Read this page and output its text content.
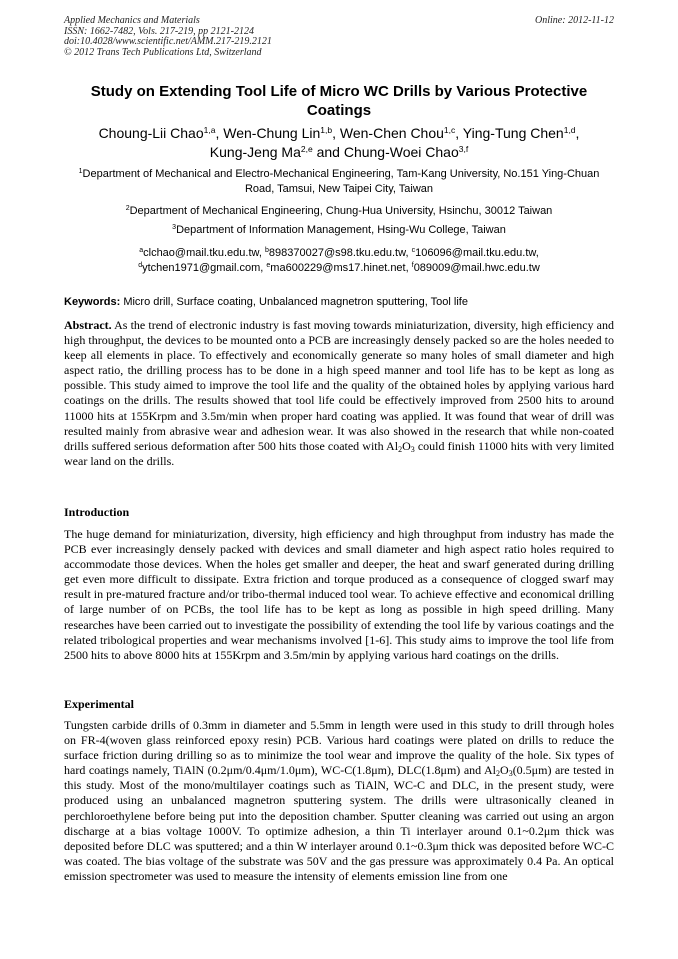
Applied Mechanics and Materials
ISSN: 1662-7482, Vols. 217-219, pp 2121-2124
doi:10.4028/www.scientific.net/AMM.217-219.2121
© 2012 Trans Tech Publications Ltd, Switzerland
Online: 2012-11-12
Study on Extending Tool Life of Micro WC Drills by Various Protective Coatings
Choung-Lii Chao$^{1,a}$, Wen-Chung Lin$^{1,b}$, Wen-Chen Chou$^{1,c}$, Ying-Tung Chen$^{1,d}$,
Kung-Jeng Ma$^{2,e}$ and Chung-Woei Chao$^{3,f}$
$^1$Department of Mechanical and Electro-Mechanical Engineering, Tam-Kang University, No.151 Ying-Chuan Road, Tamsui, New Taipei City, Taiwan
$^2$Department of Mechanical Engineering, Chung-Hua University, Hsinchu, 30012 Taiwan
$^3$Department of Information Management, Hsing-Wu College, Taiwan
$^a$clchao@mail.tku.edu.tw, $^b$898370027@s98.tku.edu.tw, $^c$106096@mail.tku.edu.tw,
$^d$ytchen1971@gmail.com, $^e$ma600229@ms17.hinet.net, $^f$089009@mail.hwc.edu.tw
Keywords: Micro drill, Surface coating, Unbalanced magnetron sputtering, Tool life
Abstract. As the trend of electronic industry is fast moving towards miniaturization, diversity, high efficiency and high throughput, the devices to be mounted onto a PCB are increasingly densely packed so are the holes needed to keep all elements in place. To effectively and economically generate so many holes of small diameter and high aspect ratio, the drilling process has to be done in a high speed manner and tool life has to be kept as long as possible. This study aimed to improve the tool life and the quality of the obtained holes by applying various hard coatings on the drills. The results showed that tool life could be effectively improved from 2500 hits to around 11000 hits at 155Krpm and 3.5m/min when proper hard coating was applied. It was found that wear of drill was resulted mainly from abrasive wear and adhesion wear. It was also showed in the research that while non-coated drills suffered serious deformation after 500 hits those coated with $Al_2O_3$ could finish 11000 hits with very limited wear land on the drills.
Introduction
The huge demand for miniaturization, diversity, high efficiency and high throughput from industry has made the PCB ever increasingly densely packed with devices and small diameter and high aspect ratio holes required to accommodate those devices. When the holes get smaller and deeper, the heat and swarf generated during drilling get even more difficult to dissipate. Extra friction and torque produced as a consequence of clogged swarf may result in pre-matured fracture and/or tribo-thermal induced tool wear. To achieve effective and economical drilling of large number of on PCBs, the tool life has to be kept as long as possible in high speed drilling. Many researches have been carried out to investigate the possibility of extending the tool life by various coatings and the related tribological properties and wear mechanisms involved [1-6]. This study aims to improve the tool life from 2500 hits to above 8000 hits at 155Krpm and 3.5m/min by applying various hard coatings on the drills.
Experimental
Tungsten carbide drills of 0.3mm in diameter and 5.5mm in length were used in this study to drill through holes on FR-4(woven glass reinforced epoxy resin) PCB. Various hard coatings were plated on drills to reduce the surface friction during drilling so as to minimize the tool wear and improve the quality of the hole. Six types of hard coatings namely, TiAlN (0.2μm/0.4μm/1.0μm), WC-C(1.8μm), DLC(1.8μm) and $Al_2O_3(0.5\mu m)$ are tested in this study. Most of the mono/multilayer coatings such as TiAlN, WC-C and DLC, in the present study, were produced using an unbalanced magnetron sputtering system. The drills were ultrasonically cleaned in perchloroethylene before being put into the deposition chamber. Sputter cleaning was carried out using an argon discharge at a bias voltage 1000V. To optimize adhesion, a thin Ti interlayer around 0.1~0.2μm thick was deposited before DLC was sputtered; and a thin W interlayer around 0.1~0.3μm thick was deposited before WC-C was coated. The bias voltage of the substrate was 50V and the gas pressure was approximately 0.4 Pa. An optical emission spectrometer was used to measure the intensity of elements emission line from one
